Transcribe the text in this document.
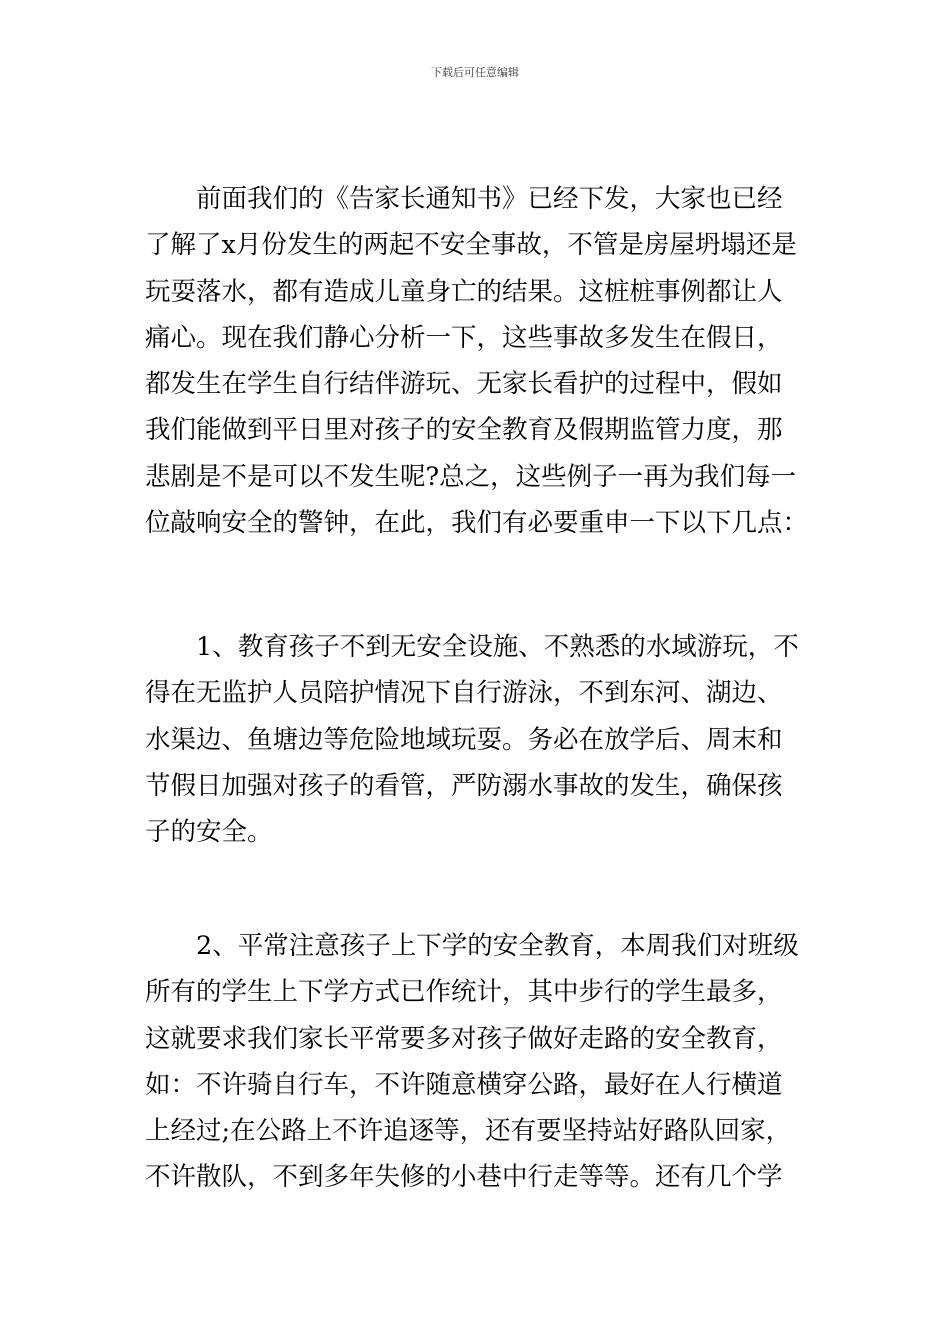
下载后可任意编辑

前面我们的《告家长通知书》已经下发，大家也已经
了解了x月份发生的两起不安全事故，不管是房屋坍塌还是
玩耍落水，都有造成儿童身亡的结果。这桩桩事例都让人
痛心。现在我们静心分析一下，这些事故多发生在假日，
都发生在学生自行结伴游玩、无家长看护的过程中，假如
我们能做到平日里对孩子的安全教育及假期监管力度，那
悲剧是不是可以不发生呢?总之，这些例子一再为我们每一
位敲响安全的警钟，在此，我们有必要重申一下以下几点：

1、教育孩子不到无安全设施、不熟悉的水域游玩，不
得在无监护人员陪护情况下自行游泳，不到东河、湖边、
水渠边、鱼塘边等危险地域玩耍。务必在放学后、周末和
节假日加强对孩子的看管，严防溺水事故的发生，确保孩
子的安全。

2、平常注意孩子上下学的安全教育，本周我们对班级
所有的学生上下学方式已作统计，其中步行的学生最多，
这就要求我们家长平常要多对孩子做好走路的安全教育，
如：不许骑自行车，不许随意横穿公路，最好在人行横道
上经过;在公路上不许追逐等，还有要坚持站好路队回家，
不许散队，不到多年失修的小巷中行走等等。还有几个学
